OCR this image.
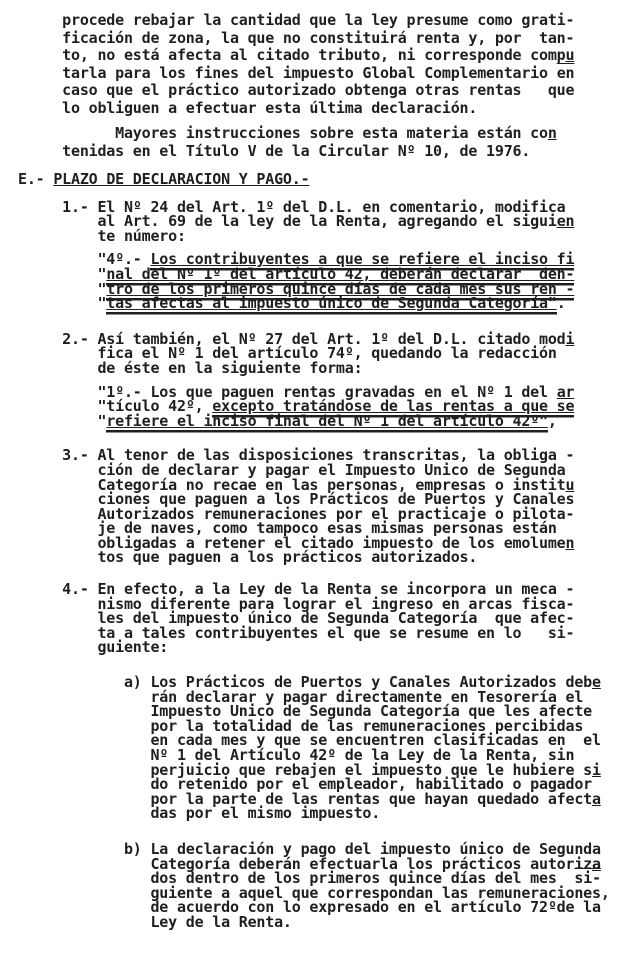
procede rebajar la cantidad que la ley presume como grati-
ficación de zona, la que no constituirá renta y, por  tan-
to, no está afecta al citado tributo, ni corresponde compu
tarla para los fines del impuesto Global Complementario $\overline{en}$
caso que el práctico autorizado obtenga otras rentas   que
lo obliguen a efectuar esta última declaración.
Mayores instrucciones sobre esta materia están con
tenidas en el Título V de la Circular Nº 10, de 1976.
E.- PLAZO DE DECLARACION Y PAGO.-
1.- El Nº 24 del Art. 1º del D.L. en comentario, modifica
al Art. 69 de la ley de la Renta, agregando el siguien
te número:
"4º.- Los contribuyentes a que se refiere el inciso fi
"nal del Nº 1º del artículo 42, deberán declarar  den-
"tro de los primeros quince días de cada mes sus ren -
"tas afectas al impuesto único de Segunda Categoría".
2.- Así también, el Nº 27 del Art. 1º del D.L. citado modi
fica el Nº 1 del artículo 74º, quedando la redacción
de éste en la siguiente forma:
"1º.- Los que paguen rentas gravadas en el Nº 1 del ar
"tículo 42º, excepto tratándose de las rentas a que se
"refiere el inciso final del Nº 1 del artículo 42º",
3.- Al tenor de las disposiciones transcritas, la obliga -
ción de declarar y pagar el Impuesto Unico de Segunda
Categoría no recae en las personas, empresas o institu
ciones que paguen a los Prácticos de Puertos y Canales
Autorizados remuneraciones por el practicaje o pilota-
je de naves, como tampoco esas mismas personas están
obligadas a retener el citado impuesto de los emolumen
tos que paguen a los prácticos autorizados.
4.- En efecto, a la Ley de la Renta se incorpora un meca -
nismo diferente para lograr el ingreso en arcas fisca-
les del impuesto único de Segunda Categoría  que afec-
ta a tales contribuyentes el que se resume en lo   si-
guiente:
a) Los Prácticos de Puertos y Canales Autorizados debe
rán declarar y pagar directamente en Tesorería el
Impuesto Unico de Segunda Categoría que les afecte
por la totalidad de las remuneraciones percibidas
en cada mes y que se encuentren clasificadas en  el
Nº 1 del Artículo 42º de la Ley de la Renta, sin
perjuicio que rebajen el impuesto que le hubiere si
do retenido por el empleador, habilitado o pagador
por la parte de las rentas que hayan quedado afecta
das por el mismo impuesto.
b) La declaración y pago del impuesto único de Segunda
Categoría deberán efectuarla los prácticos autoriza
dos dentro de los primeros quince días del mes  si-
guiente a aquel que correspondan las remuneraciones,
de acuerdo con lo expresado en el artículo 72ºde la
Ley de la Renta.
